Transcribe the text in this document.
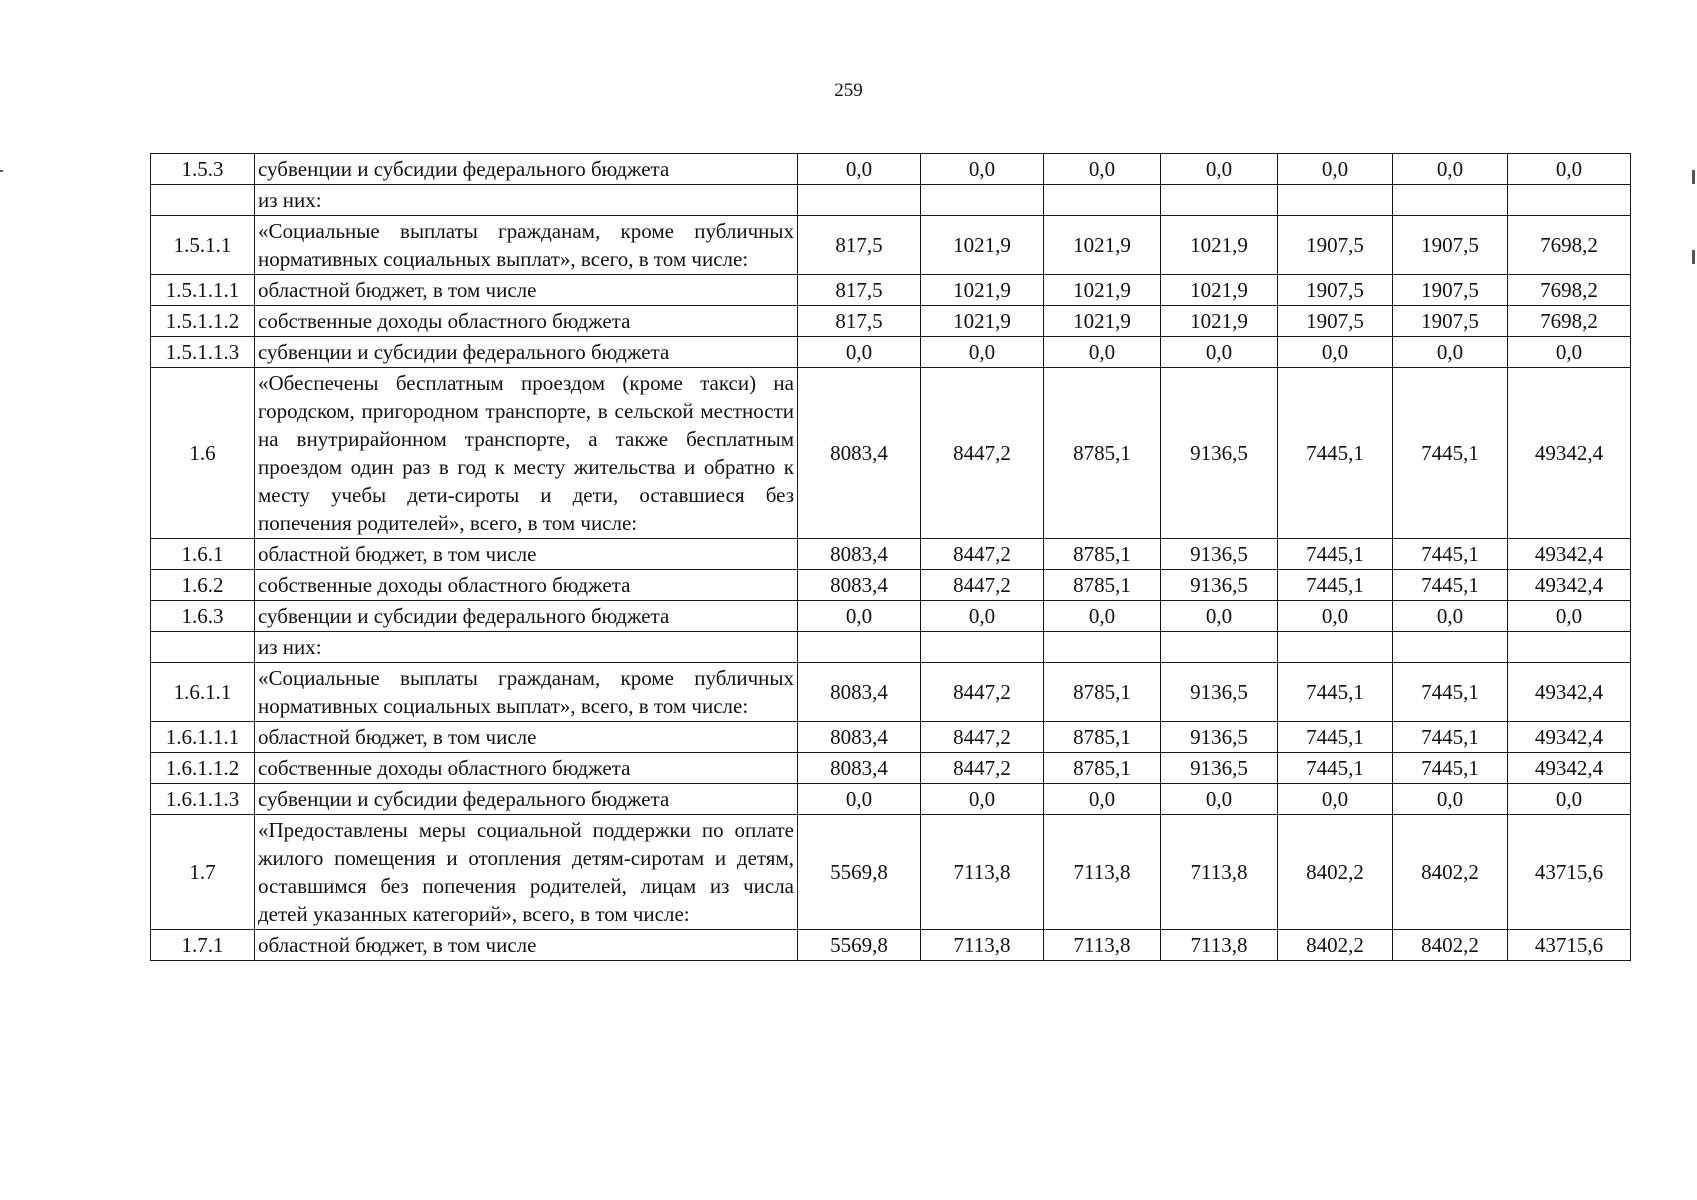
259
1.5.3	субвенции и субсидии федерального бюджета	0,0	0,0	0,0	0,0	0,0	0,0	0,0
	из них:							
1.5.1.1	«Социальные выплаты гражданам, кроме публичных нормативных социальных выплат», всего, в том числе:	817,5	1021,9	1021,9	1021,9	1907,5	1907,5	7698,2
1.5.1.1.1	областной бюджет, в том числе	817,5	1021,9	1021,9	1021,9	1907,5	1907,5	7698,2
1.5.1.1.2	собственные доходы областного бюджета	817,5	1021,9	1021,9	1021,9	1907,5	1907,5	7698,2
1.5.1.1.3	субвенции и субсидии федерального бюджета	0,0	0,0	0,0	0,0	0,0	0,0	0,0
1.6	«Обеспечены бесплатным проездом (кроме такси) на городском, пригородном транспорте, в сельской местности на внутрирайонном транспорте, а также бесплатным проездом один раз в год к месту жительства и обратно к месту учебы дети-сироты и дети, оставшиеся без попечения родителей», всего, в том числе:	8083,4	8447,2	8785,1	9136,5	7445,1	7445,1	49342,4
1.6.1	областной бюджет, в том числе	8083,4	8447,2	8785,1	9136,5	7445,1	7445,1	49342,4
1.6.2	собственные доходы областного бюджета	8083,4	8447,2	8785,1	9136,5	7445,1	7445,1	49342,4
1.6.3	субвенции и субсидии федерального бюджета	0,0	0,0	0,0	0,0	0,0	0,0	0,0
	из них:							
1.6.1.1	«Социальные выплаты гражданам, кроме публичных нормативных социальных выплат», всего, в том числе:	8083,4	8447,2	8785,1	9136,5	7445,1	7445,1	49342,4
1.6.1.1.1	областной бюджет, в том числе	8083,4	8447,2	8785,1	9136,5	7445,1	7445,1	49342,4
1.6.1.1.2	собственные доходы областного бюджета	8083,4	8447,2	8785,1	9136,5	7445,1	7445,1	49342,4
1.6.1.1.3	субвенции и субсидии федерального бюджета	0,0	0,0	0,0	0,0	0,0	0,0	0,0
1.7	«Предоставлены меры социальной поддержки по оплате жилого помещения и отопления детям-сиротам и детям, оставшимся без попечения родителей, лицам из числа детей указанных категорий», всего, в том числе:	5569,8	7113,8	7113,8	7113,8	8402,2	8402,2	43715,6
1.7.1	областной бюджет, в том числе	5569,8	7113,8	7113,8	7113,8	8402,2	8402,2	43715,6
